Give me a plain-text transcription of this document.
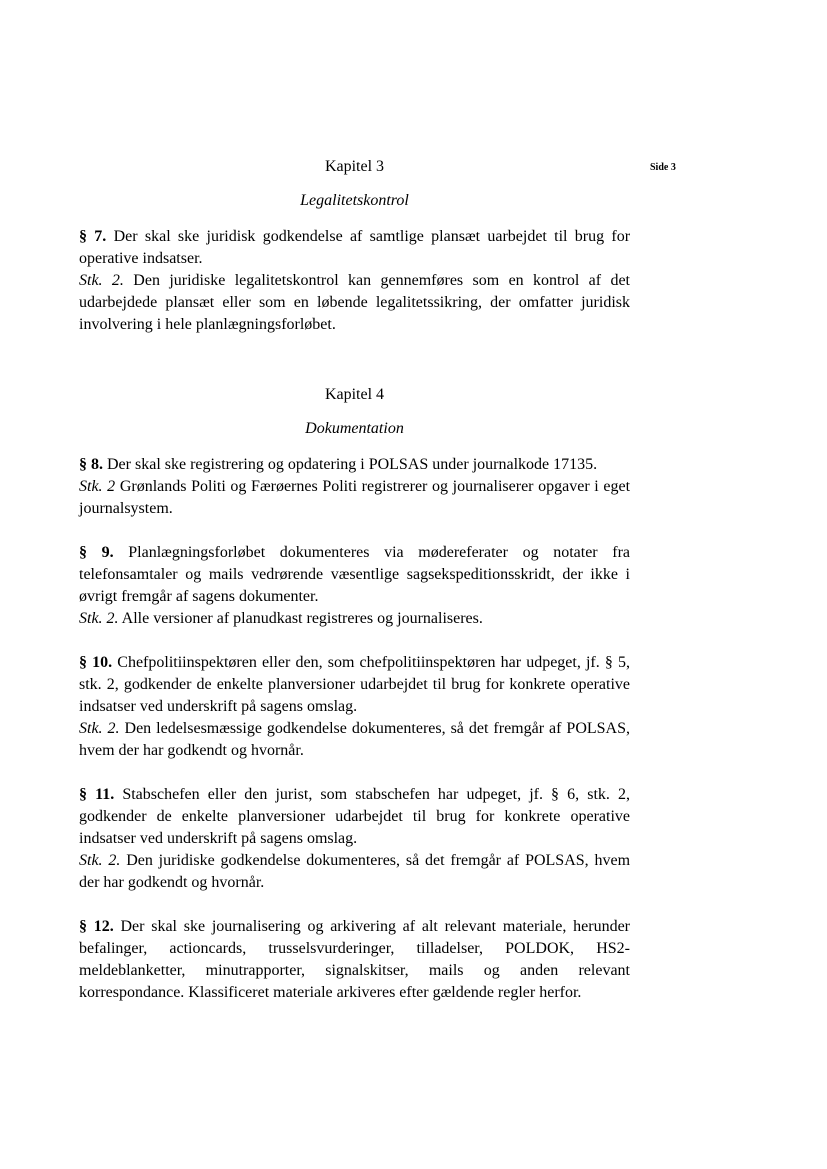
Side 3
Kapitel 3
Legalitetskontrol

§ 7. Der skal ske juridisk godkendelse af samtlige plansæt uarbejdet til brug for operative indsatser.

Stk. 2. Den juridiske legalitetskontrol kan gennemføres som en kontrol af det udarbejdede plansæt eller som en løbende legalitetssikring, der omfatter juridisk involvering i hele planlægningsforløbet.

Kapitel 4
Dokumentation

§ 8. Der skal ske registrering og opdatering i POLSAS under journalkode 17135.

Stk. 2 Grønlands Politi og Færøernes Politi registrerer og journaliserer opgaver i eget journalsystem.

§ 9. Planlægningsforløbet dokumenteres via mødereferater og notater fra telefonsamtaler og mails vedrørende væsentlige sagsekspeditionsskridt, der ikke i øvrigt fremgår af sagens dokumenter.

Stk. 2. Alle versioner af planudkast registreres og journaliseres.

§ 10. Chefpolitiinspektøren eller den, som chefpolitiinspektøren har udpeget, jf. § 5, stk. 2, godkender de enkelte planversioner udarbejdet til brug for konkrete operative indsatser ved underskrift på sagens omslag.

Stk. 2. Den ledelsesmæssige godkendelse dokumenteres, så det fremgår af POLSAS, hvem der har godkendt og hvornår.

§ 11. Stabschefen eller den jurist, som stabschefen har udpeget, jf. § 6, stk. 2, godkender de enkelte planversioner udarbejdet til brug for konkrete operative indsatser ved underskrift på sagens omslag.

Stk. 2. Den juridiske godkendelse dokumenteres, så det fremgår af POLSAS, hvem der har godkendt og hvornår.

§ 12. Der skal ske journalisering og arkivering af alt relevant materiale, herunder befalinger, actioncards, trusselsvurderinger, tilladelser, POLDOK, HS2-meldeblanketter, minutrapporter, signalskitser, mails og anden relevant korrespondance. Klassificeret materiale arkiveres efter gældende regler herfor.
